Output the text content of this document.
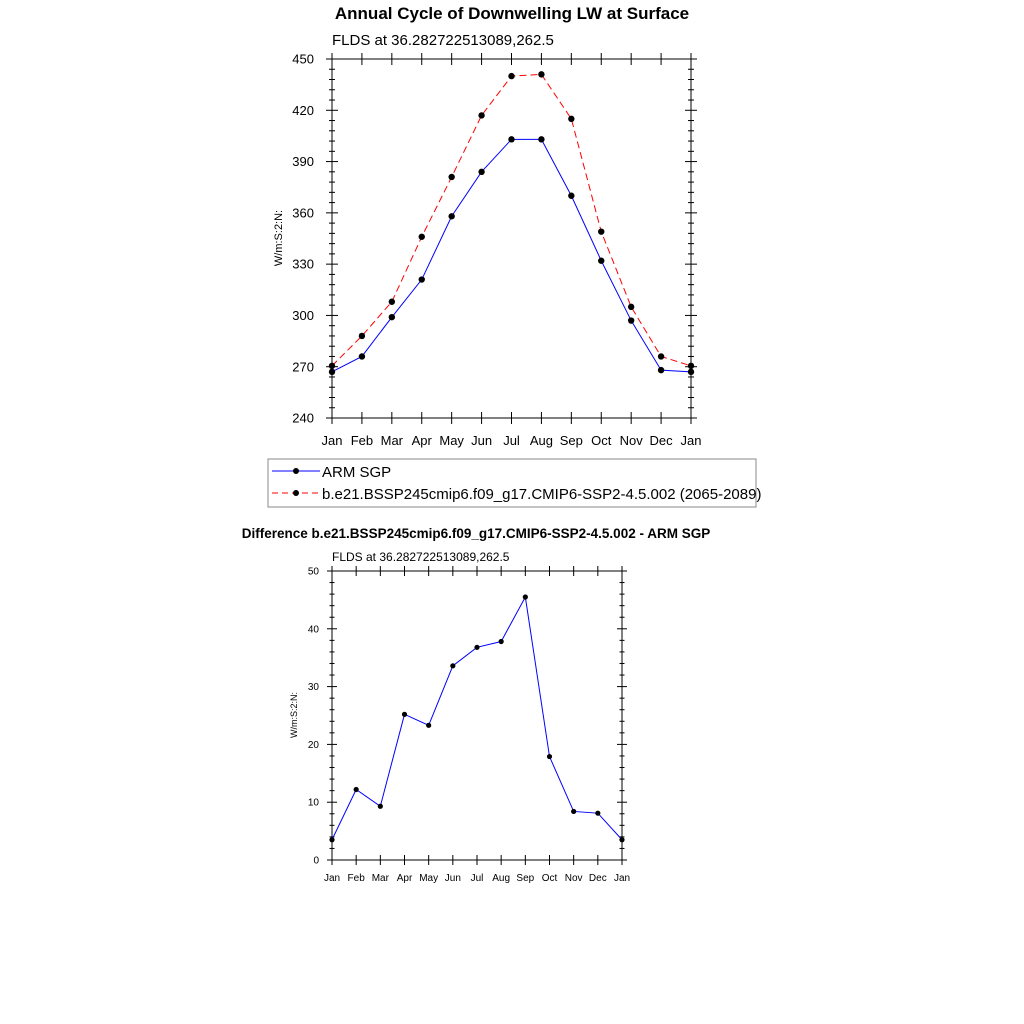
Annual Cycle of Downwelling LW at Surface
FLDS at 36.282722513089,262.5
W/m:S:2:N:
Jan Feb Mar Apr May Jun Jul Aug Sep Oct Nov Dec Jan
240
270
300
330
360
390
420
450
ARM SGP
b.e21.BSSP245cmip6.f09_g17.CMIP6-SSP2-4.5.002 (2065-2089)
Difference b.e21.BSSP245cmip6.f09_g17.CMIP6-SSP2-4.5.002 - ARM SGP
FLDS at 36.282722513089,262.5
W/m:S:2:N:
Jan Feb Mar Apr May Jun Jul Aug Sep Oct Nov Dec Jan
0
10
20
30
40
50
